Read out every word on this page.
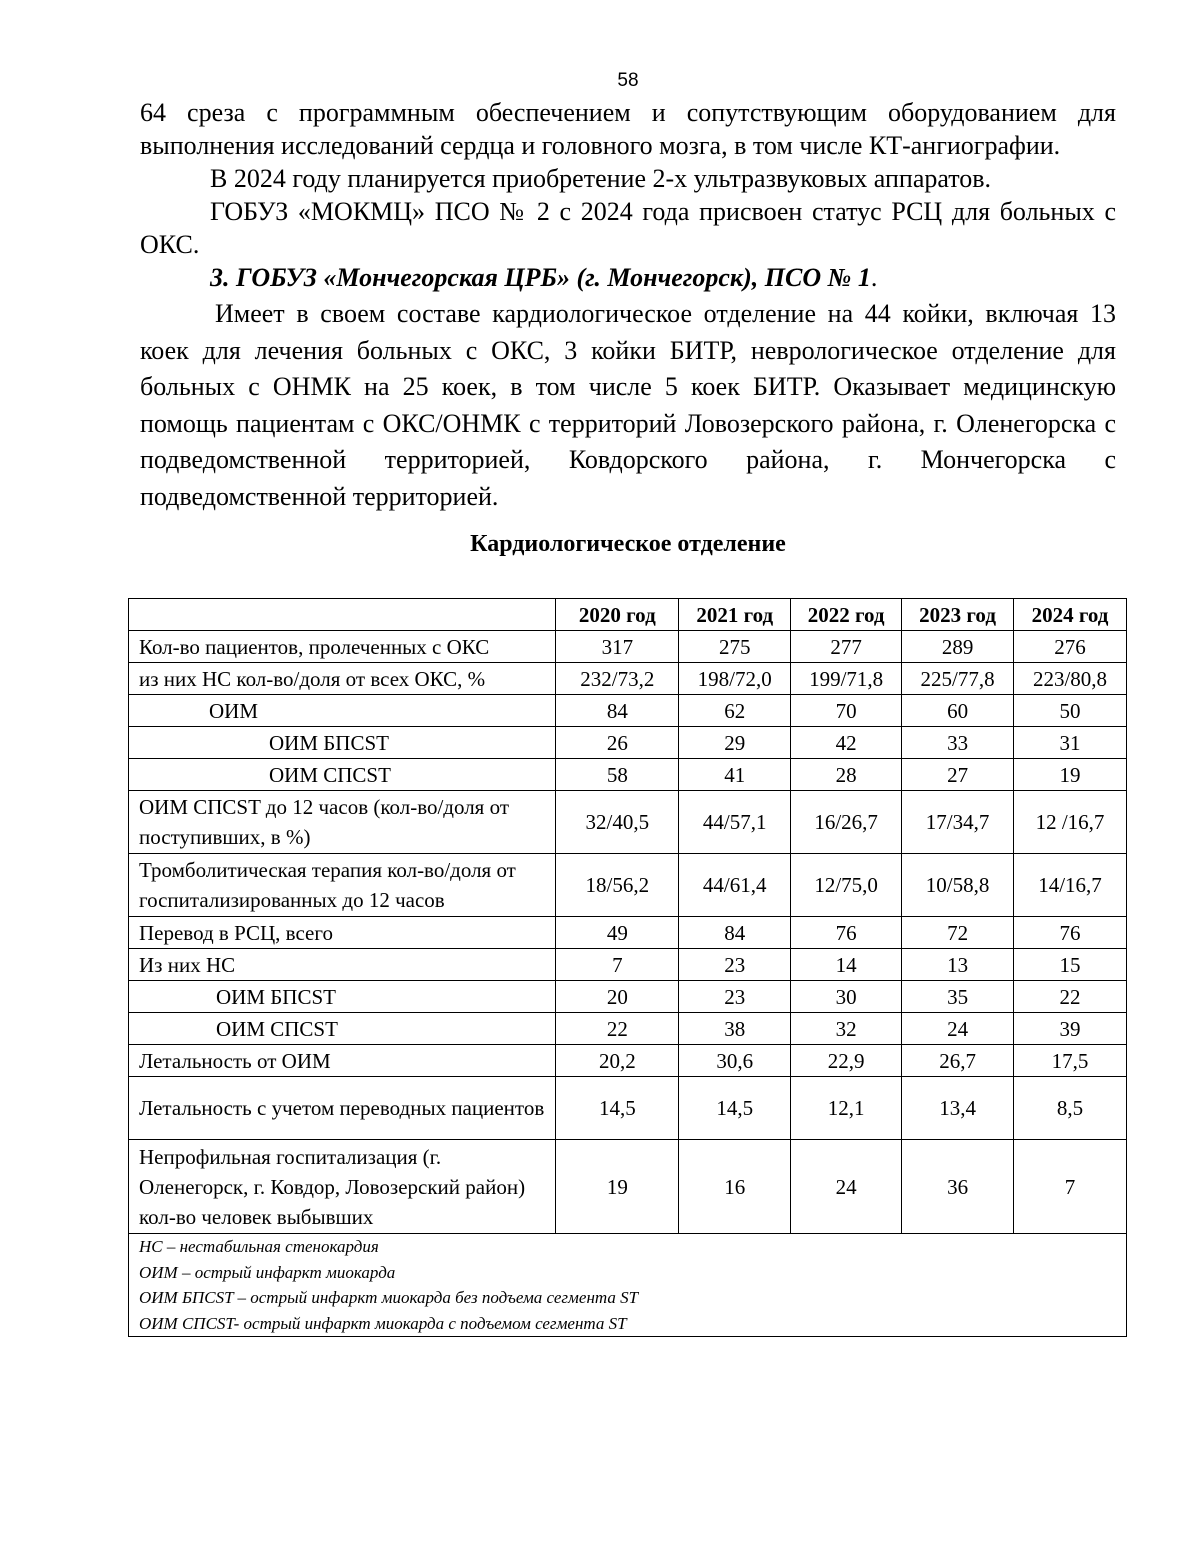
58

64 среза с программным обеспечением и сопутствующим оборудованием для выполнения исследований сердца и головного мозга, в том числе КТ-ангиографии.

В 2024 году планируется приобретение 2-х ультразвуковых аппаратов.

ГОБУЗ «МОКМЦ» ПСО № 2 с 2024 года присвоен статус РСЦ для больных с ОКС.

3. ГОБУЗ «Мончегорская ЦРБ» (г. Мончегорск), ПСО № 1.

Имеет в своем составе кардиологическое отделение на 44 койки, включая 13 коек для лечения больных с ОКС, 3 койки БИТР, неврологическое отделение для больных с ОНМК на 25 коек, в том числе 5 коек БИТР. Оказывает медицинскую помощь пациентам с ОКС/ОНМК с территорий Ловозерского района, г. Оленегорска с подведомственной территорией, Ковдорского района, г. Мончегорска с подведомственной территорией.

Кардиологическое отделение
	2020 год	2021 год	2022 год	2023 год	2024 год
Кол-во пациентов, пролеченных с ОКС	317	275	277	289	276
из них НС кол-во/доля от всех ОКС, %	232/73,2	198/72,0	199/71,8	225/77,8	223/80,8
ОИМ	84	62	70	60	50
ОИМ БПСST	26	29	42	33	31
ОИМ СПСST	58	41	28	27	19
ОИМ СПСST до 12 часов (кол-во/доля от поступивших, в %)	32/40,5	44/57,1	16/26,7	17/34,7	12 /16,7
Тромболитическая терапия кол-во/доля от госпитализированных до 12 часов	18/56,2	44/61,4	12/75,0	10/58,8	14/16,7
Перевод в РСЦ, всего	49	84	76	72	76
Из них НС	7	23	14	13	15
ОИМ БПСST	20	23	30	35	22
ОИМ СПСST	22	38	32	24	39
Летальность от ОИМ	20,2	30,6	22,9	26,7	17,5
Летальность с учетом переводных пациентов	14,5	14,5	12,1	13,4	8,5
Непрофильная госпитализация (г. Оленегорск, г. Ковдор, Ловозерский район) кол-во человек выбывших	19	16	24	36	7

НС – нестабильная стенокардия
ОИМ – острый инфаркт миокарда
ОИМ БПСST – острый инфаркт миокарда без подъема сегмента ST
ОИМ СПСST- острый инфаркт миокарда с подъемом сегмента ST					
